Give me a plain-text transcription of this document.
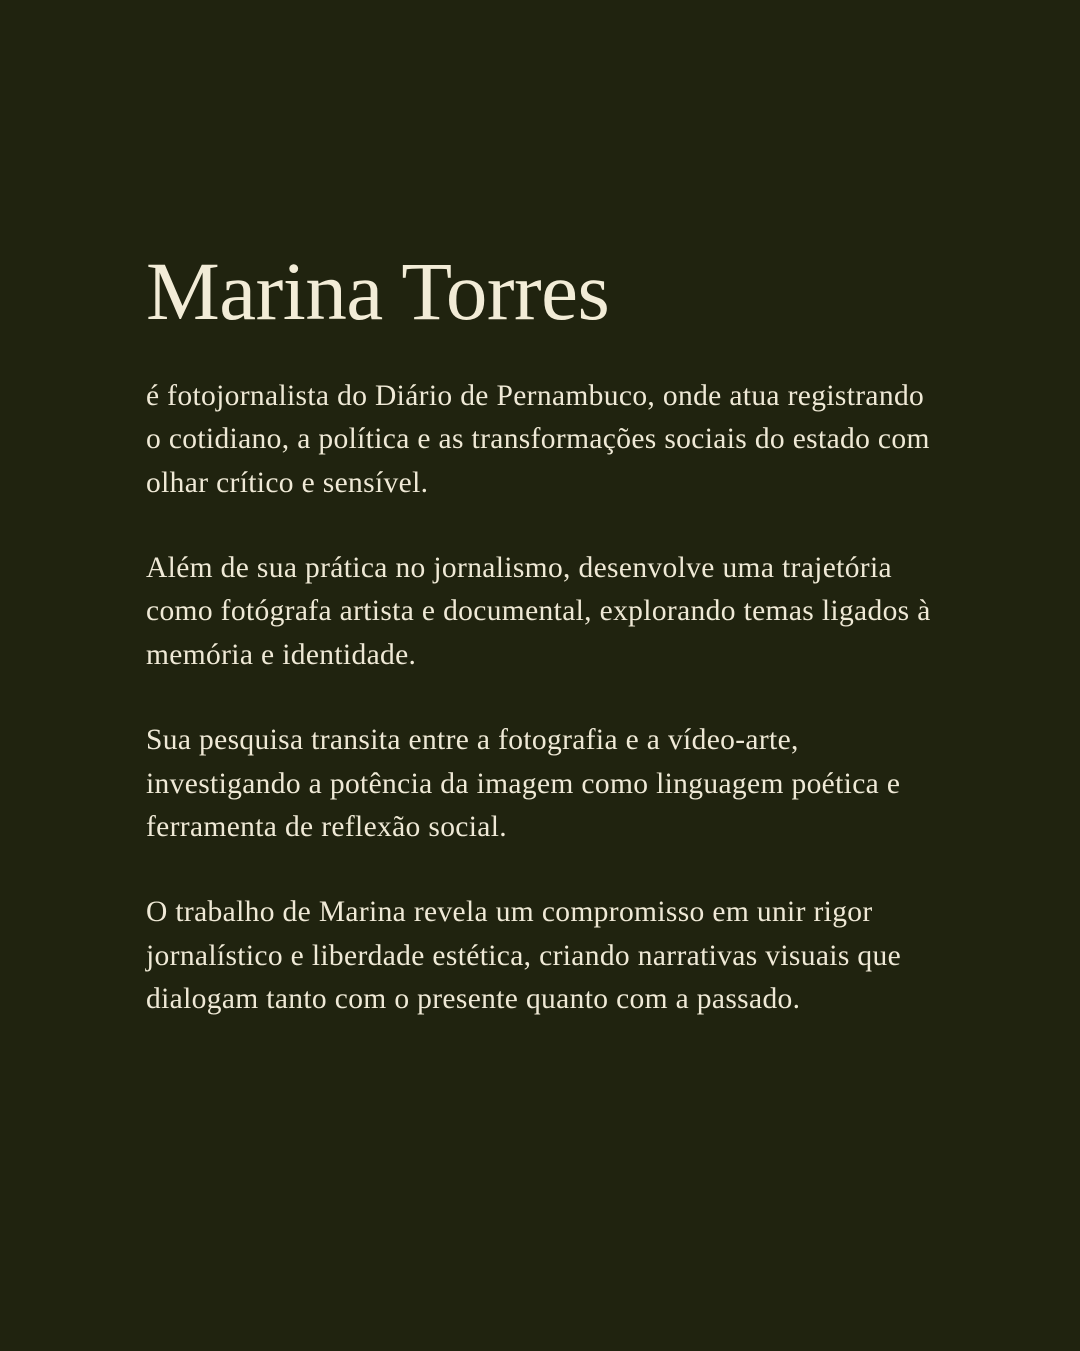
Marina Torres

é fotojornalista do Diário de Pernambuco, onde atua registrando o cotidiano, a política e as transformações sociais do estado com olhar crítico e sensível.

Além de sua prática no jornalismo, desenvolve uma trajetória como fotógrafa artista e documental, explorando temas ligados à memória e identidade.

Sua pesquisa transita entre a fotografia e a vídeo-arte, investigando a potência da imagem como linguagem poética e ferramenta de reflexão social.

O trabalho de Marina revela um compromisso em unir rigor jornalístico e liberdade estética, criando narrativas visuais que dialogam tanto com o presente quanto com a passado.
